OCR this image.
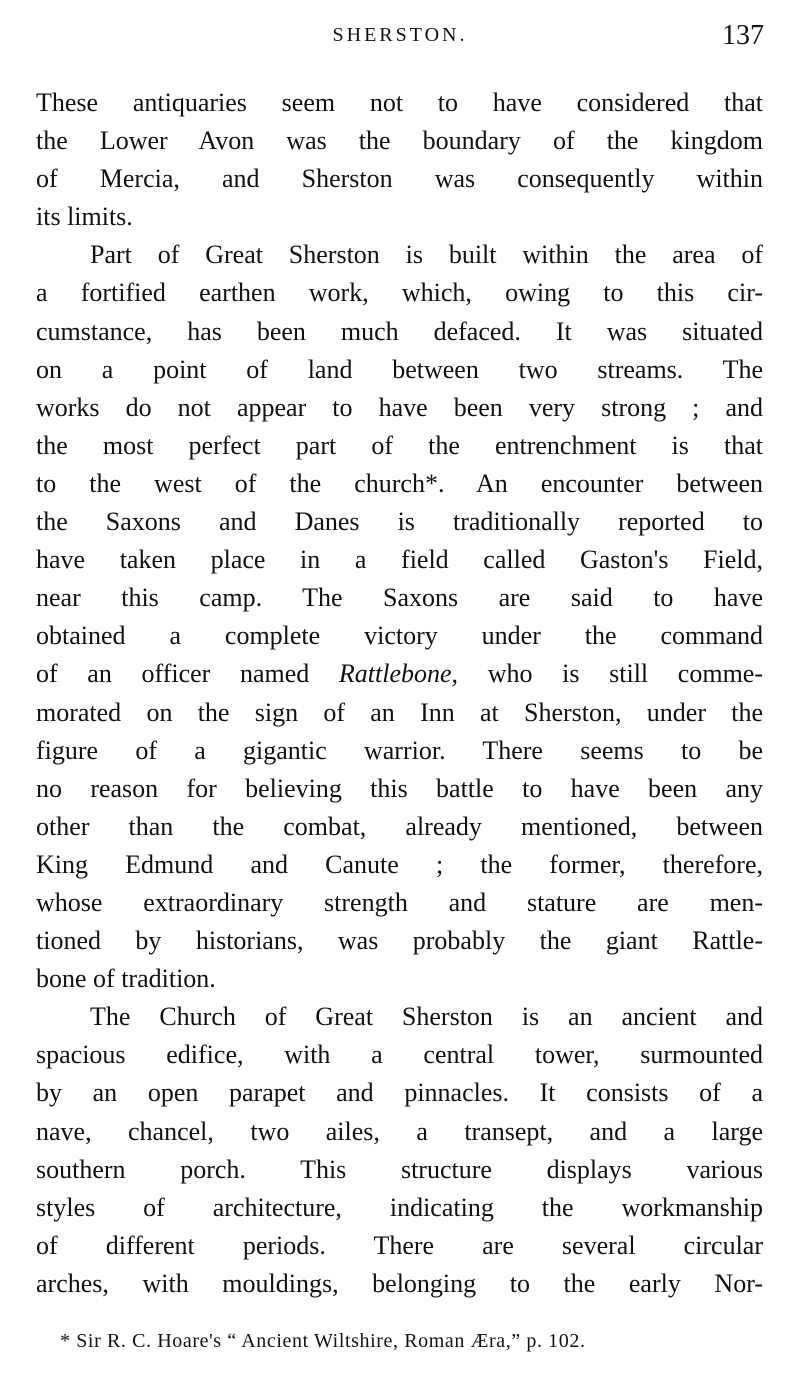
SHERSTON.	137
These antiquaries seem not to have considered that
the Lower Avon was the boundary of the kingdom
of Mercia, and Sherston was consequently within
its limits.
Part of Great Sherston is built within the area of
a fortified earthen work, which, owing to this cir-
cumstance, has been much defaced. It was situated
on a point of land between two streams. The
works do not appear to have been very strong ; and
the most perfect part of the entrenchment is that
to the west of the church*. An encounter between
the Saxons and Danes is traditionally reported to
have taken place in a field called Gaston's Field,
near this camp. The Saxons are said to have
obtained a complete victory under the command
of an officer named Rattlebone, who is still comme-
morated on the sign of an Inn at Sherston, under the
figure of a gigantic warrior. There seems to be
no reason for believing this battle to have been any
other than the combat, already mentioned, between
King Edmund and Canute ; the former, therefore,
whose extraordinary strength and stature are men-
tioned by historians, was probably the giant Rattle-
bone of tradition.
The Church of Great Sherston is an ancient and
spacious edifice, with a central tower, surmounted
by an open parapet and pinnacles. It consists of a
nave, chancel, two ailes, a transept, and a large
southern porch. This structure displays various
styles of architecture, indicating the workmanship
of different periods. There are several circular
arches, with mouldings, belonging to the early Nor-
* Sir R. C. Hoare's “ Ancient Wiltshire, Roman Æra,” p. 102.
